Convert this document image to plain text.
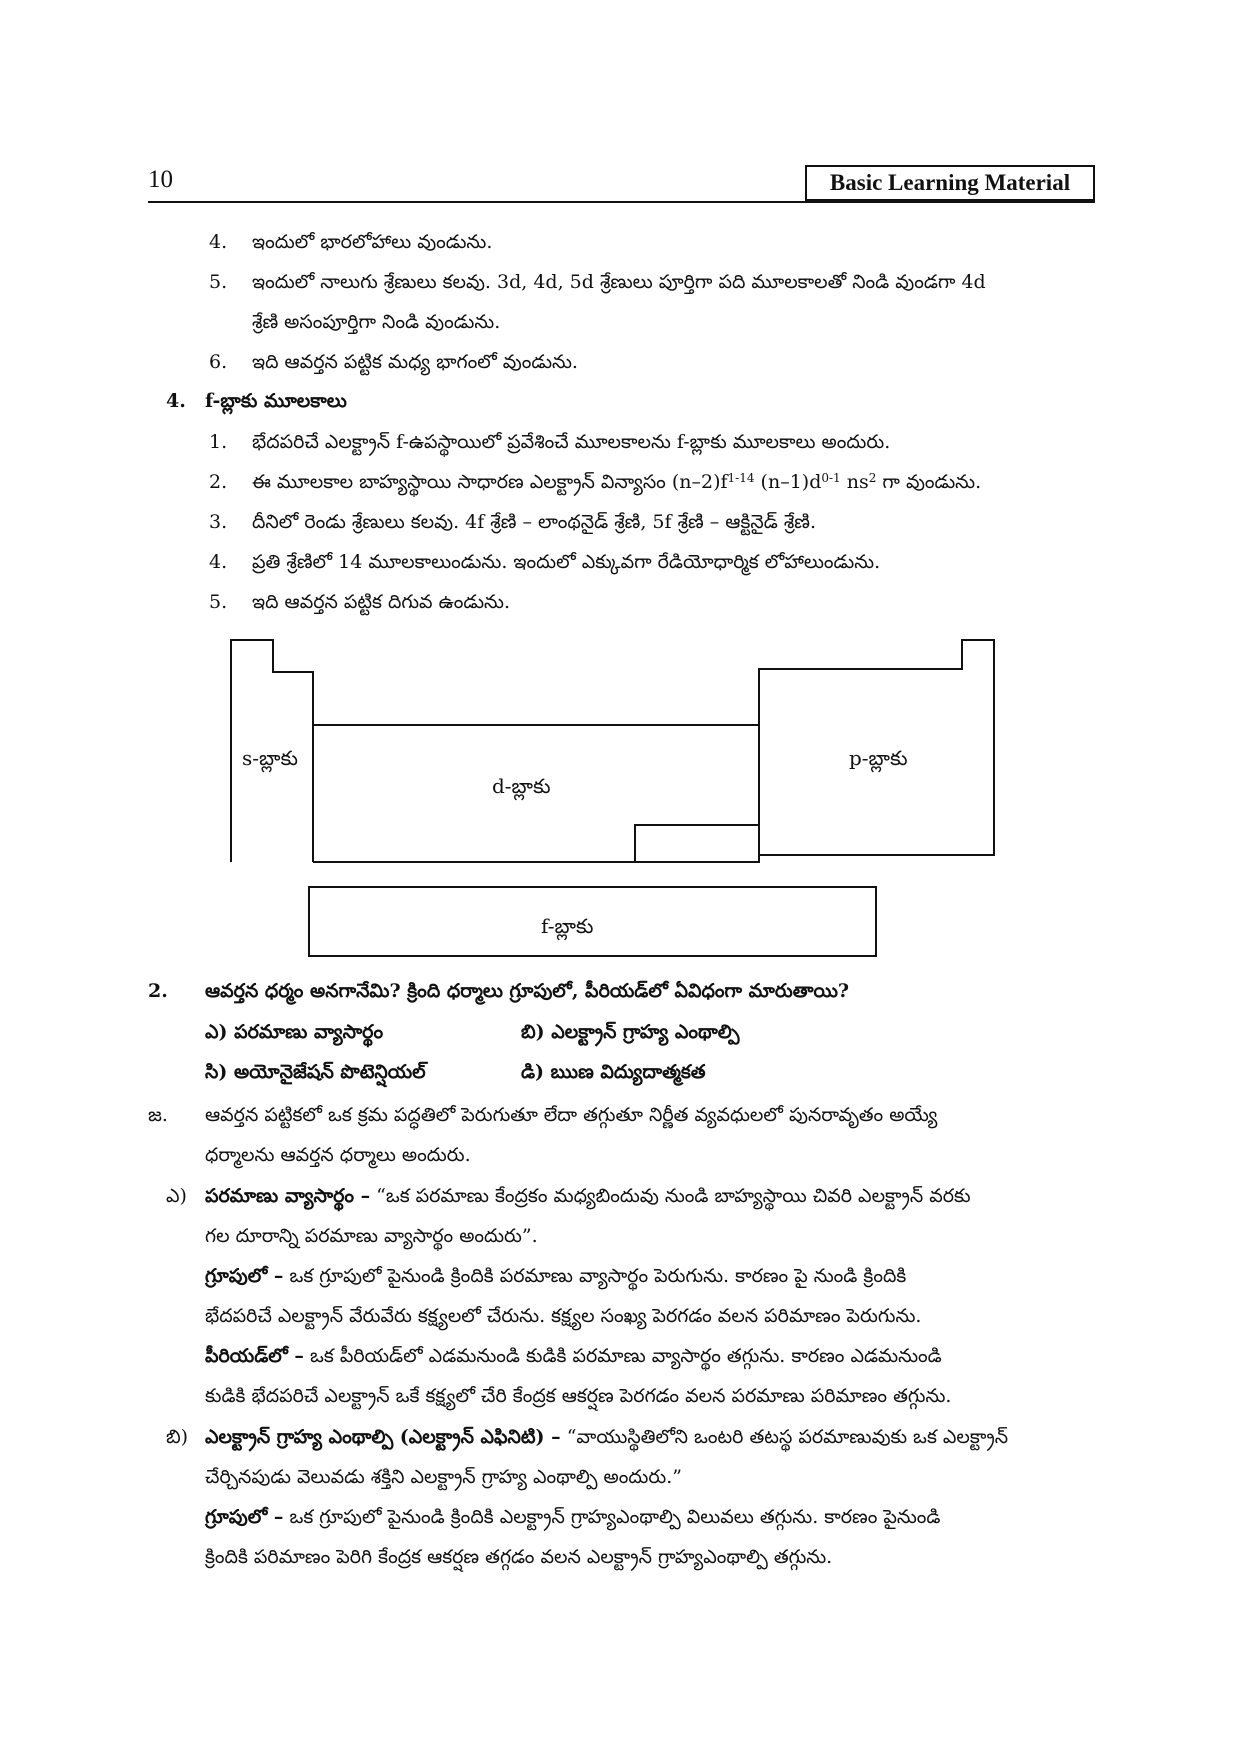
10	Basic Learning Material
4. ఇందులో భారలోహాలు వుండును.
5. ఇందులో నాలుగు శ్రేణులు కలవు. 3d, 4d, 5d శ్రేణులు పూర్తిగా పది మూలకాలతో నిండి వుండగా 4d
శ్రేణి అసంపూర్తిగా నిండి వుండును.
6. ఇది ఆవర్తన పట్టిక మధ్య భాగంలో వుండును.
4. f-బ్లాకు మూలకాలు
1. భేదపరిచే ఎలక్ట్రాన్ f-ఉపస్థాయిలో ప్రవేశించే మూలకాలను f-బ్లాకు మూలకాలు అందురు.
2. ఈ మూలకాల బాహ్యస్థాయి సాధారణ ఎలక్ట్రాన్ విన్యాసం $(n-2)f^{1-14}$ $(n-1)d^{0-1}$ $ns^2$ గా వుండును.
3. దీనిలో రెండు శ్రేణులు కలవు. 4f శ్రేణి – లాంథనైడ్ శ్రేణి, 5f శ్రేణి – ఆక్టినైడ్ శ్రేణి.
4. ప్రతి శ్రేణిలో 14 మూలకాలుండును. ఇందులో ఎక్కువగా రేడియోధార్మిక లోహాలుండును.
5. ఇది ఆవర్తన పట్టిక దిగువ ఉండును.
s-బ్లాకు
d-బ్లాకు
p-బ్లాకు
f-బ్లాకు
2. ఆవర్తన ధర్మం అనగానేమి? క్రింది ధర్మాలు గ్రూపులో, పీరియడ్‌లో ఏవిధంగా మారుతాయి?
ఎ) పరమాణు వ్యాసార్థం	బి) ఎలక్ట్రాన్ గ్రాహ్య ఎంథాల్పి
సి) అయోనైజేషన్ పొటెన్షియల్	డి) ఋణ విద్యుదాత్మకత
జ. ఆవర్తన పట్టికలో ఒక క్రమ పద్ధతిలో పెరుగుతూ లేదా తగ్గుతూ నిర్ణీత వ్యవధులలో పునరావృతం అయ్యే
ధర్మాలను ఆవర్తన ధర్మాలు అందురు.
ఎ) పరమాణు వ్యాసార్థం – “ఒక పరమాణు కేంద్రకం మధ్యబిందువు నుండి బాహ్యస్థాయి చివరి ఎలక్ట్రాన్ వరకు
గల దూరాన్ని పరమాణు వ్యాసార్థం అందురు”.
గ్రూపులో – ఒక గ్రూపులో పైనుండి క్రిందికి పరమాణు వ్యాసార్థం పెరుగును. కారణం పై నుండి క్రిందికి
భేదపరిచే ఎలక్ట్రాన్ వేరువేరు కక్ష్యలలో చేరును. కక్ష్యల సంఖ్య పెరగడం వలన పరిమాణం పెరుగును.
పీరియడ్‌లో – ఒక పీరియడ్‌లో ఎడమనుండి కుడికి పరమాణు వ్యాసార్థం తగ్గును. కారణం ఎడమనుండి
కుడికి భేదపరిచే ఎలక్ట్రాన్ ఒకే కక్ష్యలో చేరి కేంద్రక ఆకర్షణ పెరగడం వలన పరమాణు పరిమాణం తగ్గును.
బి) ఎలక్ట్రాన్ గ్రాహ్య ఎంథాల్పి (ఎలక్ట్రాన్ ఎఫినిటి) – “వాయుస్థితిలోని ఒంటరి తటస్థ పరమాణువుకు ఒక ఎలక్ట్రాన్
చేర్చినపుడు వెలువడు శక్తిని ఎలక్ట్రాన్ గ్రాహ్య ఎంథాల్పి అందురు.”
గ్రూపులో – ఒక గ్రూపులో పైనుండి క్రిందికి ఎలక్ట్రాన్ గ్రాహ్యఎంథాల్పి విలువలు తగ్గును. కారణం పైనుండి
క్రిందికి పరిమాణం పెరిగి కేంద్రక ఆకర్షణ తగ్గడం వలన ఎలక్ట్రాన్ గ్రాహ్యఎంథాల్పి తగ్గును.
